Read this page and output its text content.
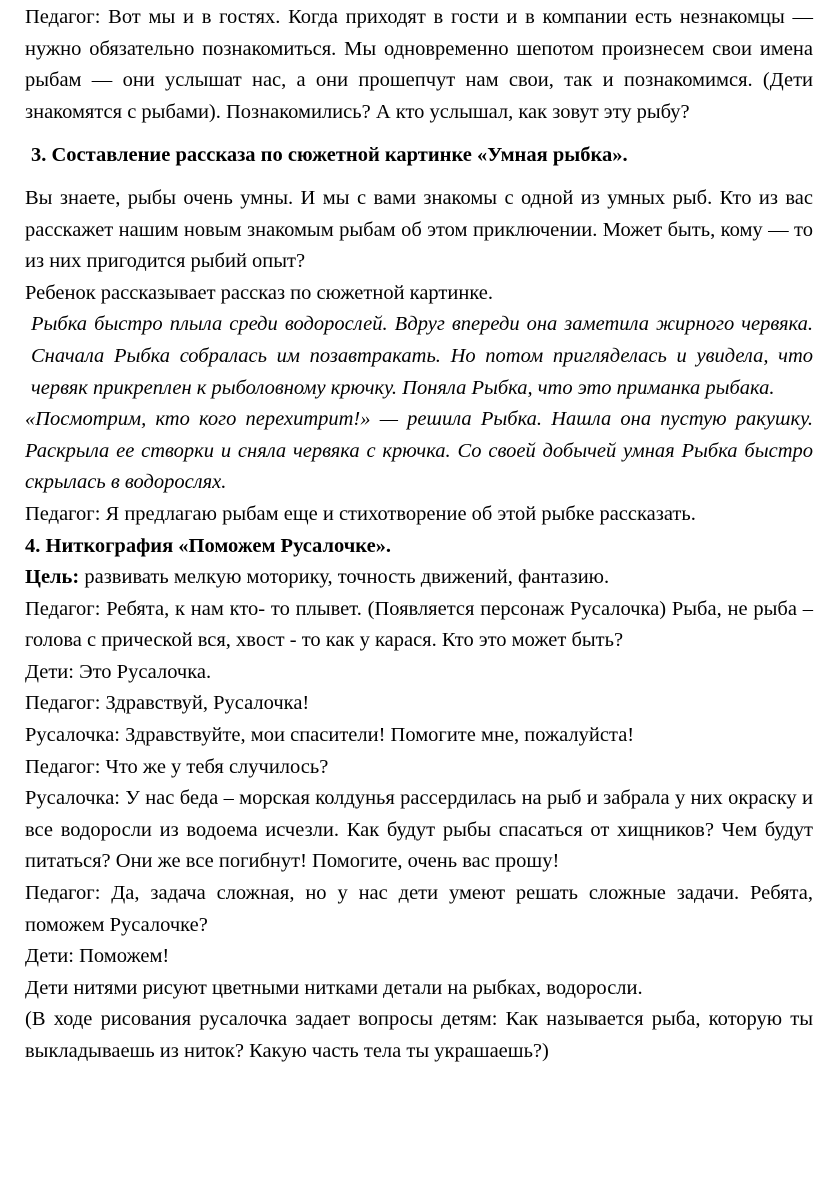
Педагог: Вот мы и в гостях. Когда приходят в гости и в компании есть незнакомцы — нужно обязательно познакомиться. Мы одновременно шепотом произнесем свои имена рыбам — они услышат нас, а они прошепчут нам свои, так и познакомимся. (Дети знакомятся с рыбами). Познакомились? А кто услышал, как зовут эту рыбу?

3. Составление рассказа по сюжетной картинке «Умная рыбка».

Вы знаете, рыбы очень умны. И мы с вами знакомы с одной из умных рыб. Кто из вас расскажет нашим новым знакомым рыбам об этом приключении. Может быть, кому — то из них пригодится рыбий опыт?

Ребенок рассказывает рассказ по сюжетной картинке.

Рыбка быстро плыла среди водорослей. Вдруг впереди она заметила жирного червяка. Сначала Рыбка собралась им позавтракать. Но потом пригляделась и увидела, что червяк прикреплен к рыболовному крючку. Поняла Рыбка, что это приманка рыбака.

«Посмотрим, кто кого перехитрит!» — решила Рыбка. Нашла она пустую ракушку. Раскрыла ее створки и сняла червяка с крючка. Со своей добычей умная Рыбка быстро скрылась в водорослях.

Педагог: Я предлагаю рыбам еще и стихотворение об этой рыбке рассказать.

4. Ниткография «Поможем Русалочке».

Цель: развивать мелкую моторику, точность движений, фантазию.

Педагог: Ребята, к нам кто- то плывет. (Появляется персонаж Русалочка) Рыба, не рыба – голова с прической вся, хвост - то как у карася. Кто это может быть?

Дети: Это Русалочка.

Педагог: Здравствуй, Русалочка!

Русалочка: Здравствуйте, мои спасители! Помогите мне, пожалуйста!

Педагог: Что же у тебя случилось?

Русалочка: У нас беда – морская колдунья рассердилась на рыб и забрала у них окраску и все водоросли из водоема исчезли. Как будут рыбы спасаться от хищников? Чем будут питаться? Они же все погибнут! Помогите, очень вас прошу!

Педагог: Да, задача сложная, но у нас дети умеют решать сложные задачи. Ребята, поможем Русалочке?

Дети: Поможем!

Дети нитями рисуют цветными нитками детали на рыбках, водоросли.

(В ходе рисования русалочка задает вопросы детям: Как называется рыба, которую ты выкладываешь из ниток? Какую часть тела ты украшаешь?)
